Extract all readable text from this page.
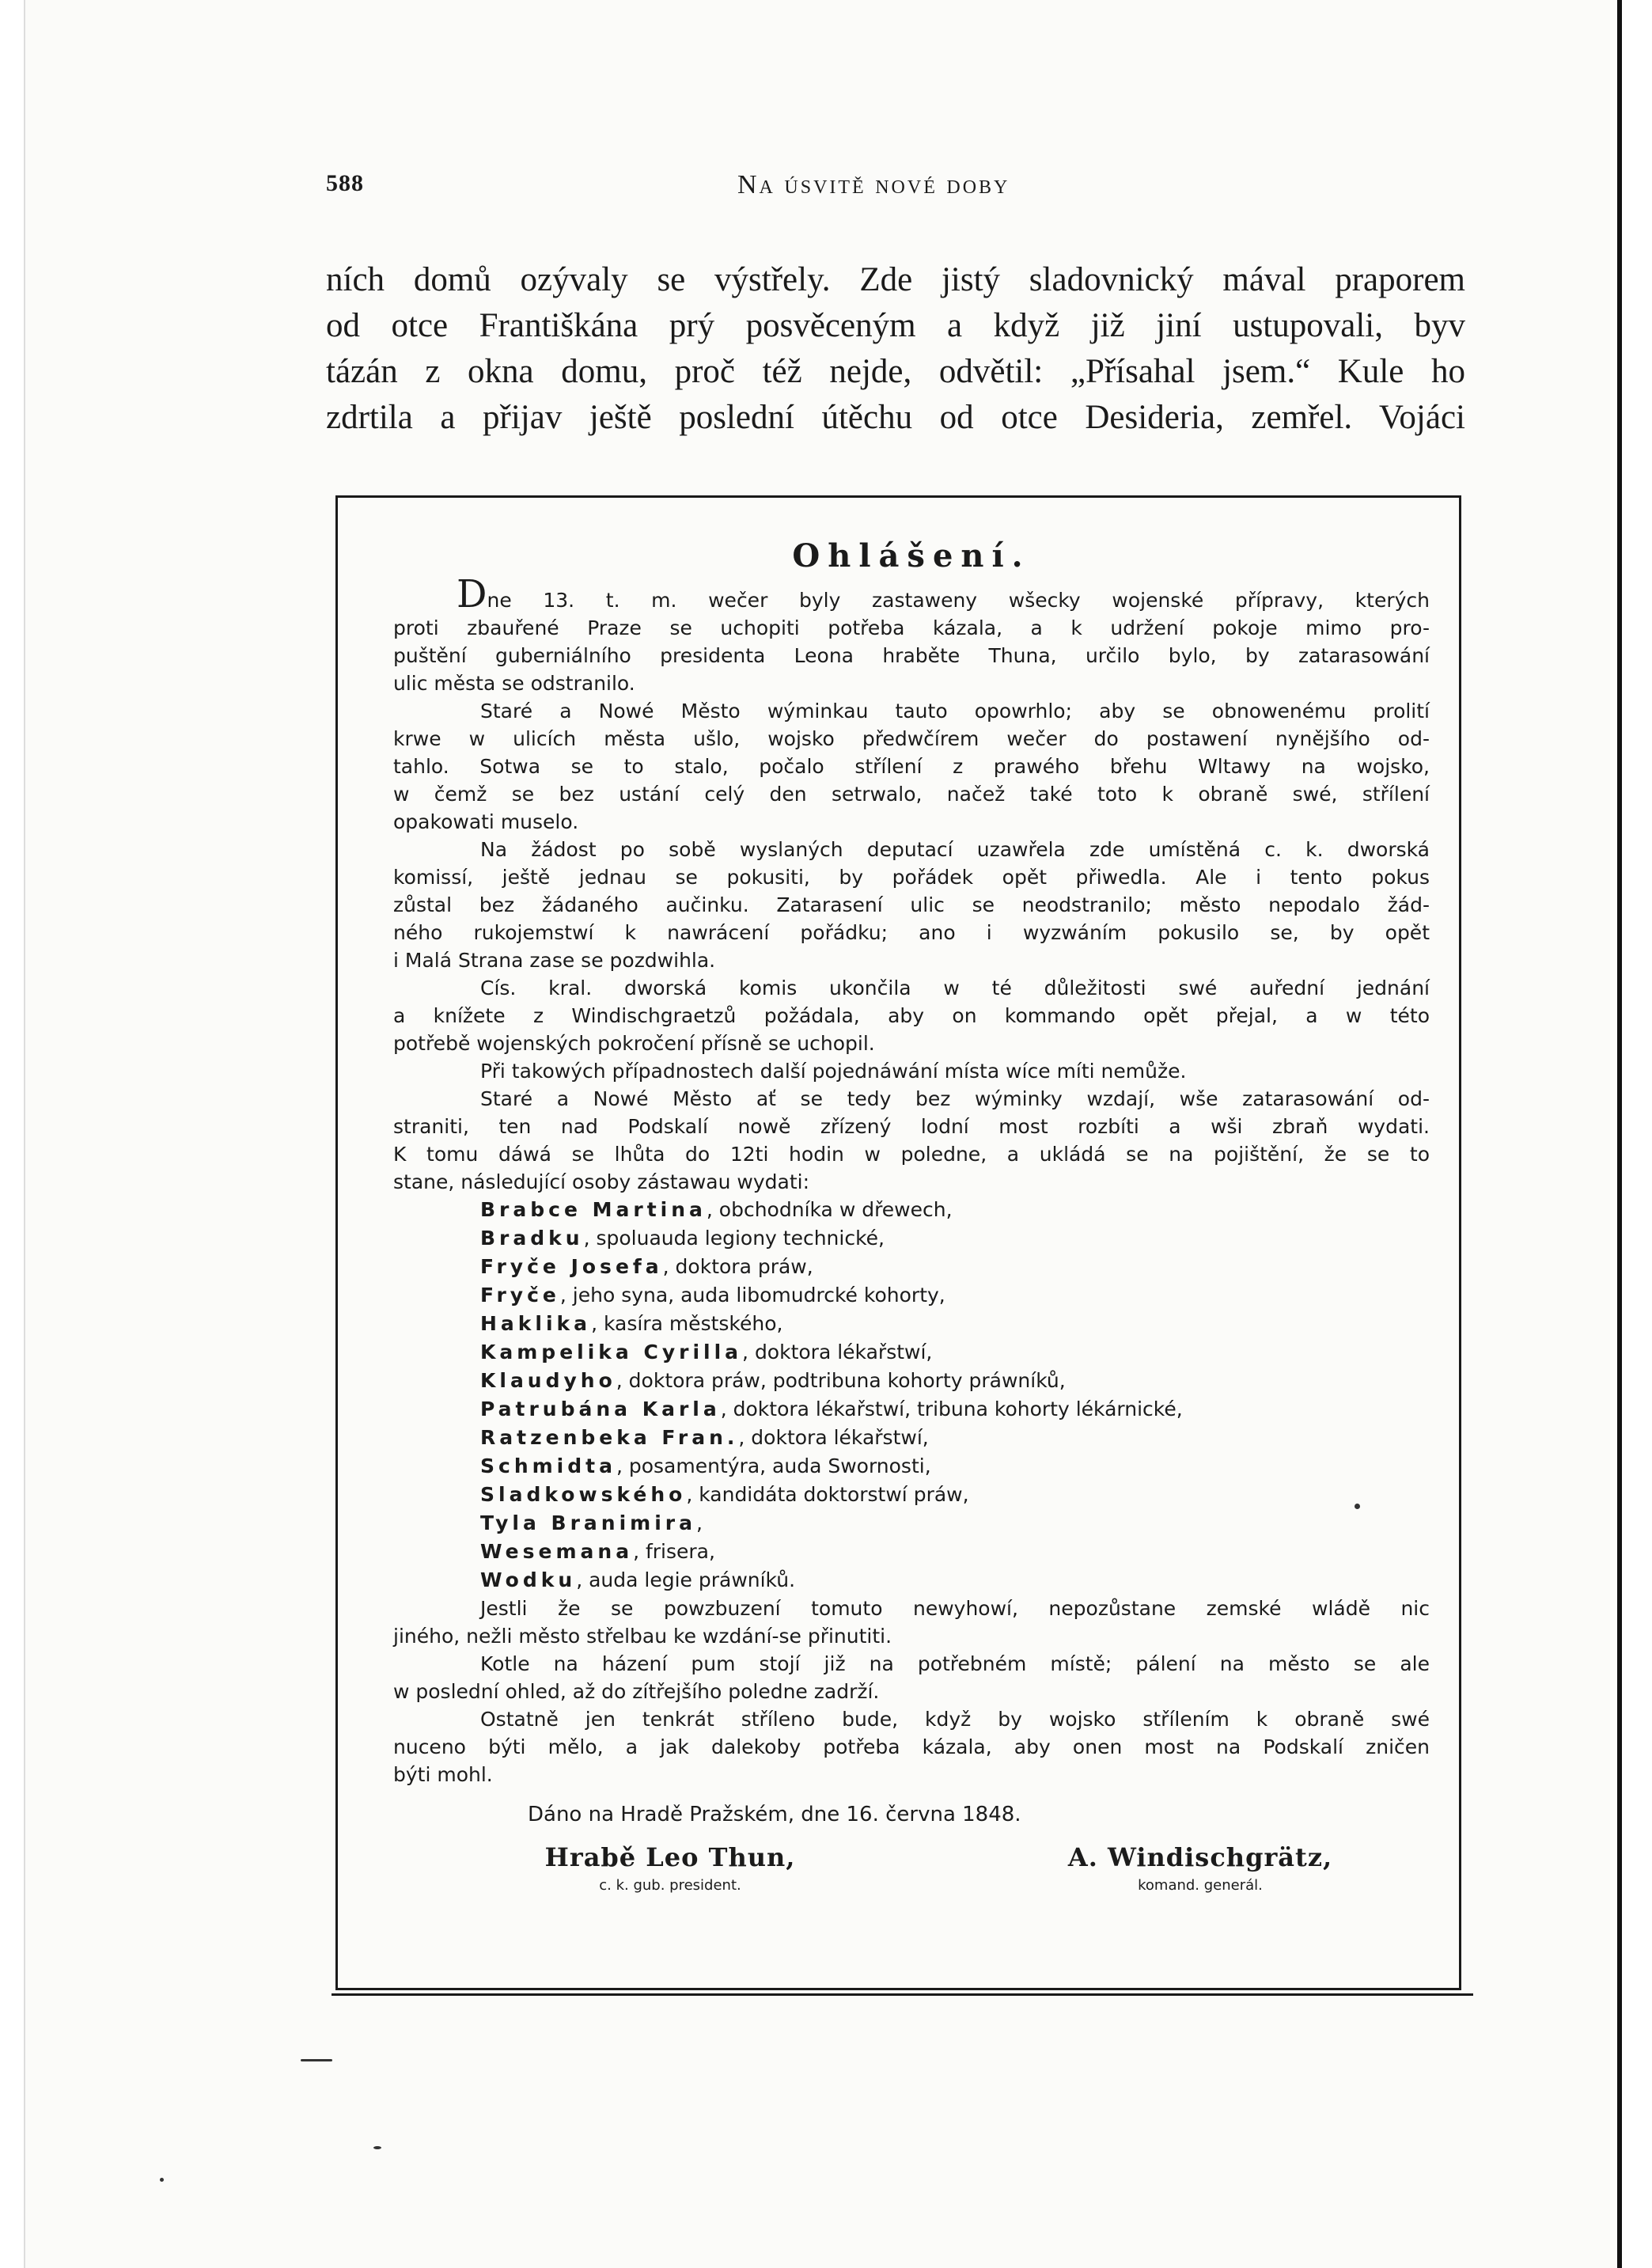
588	Na úsvitě nové doby
ních domů ozývaly se výstřely. Zde jistý sladovnický mával praporem
od otce Františkána prý posvěceným a když již jiní ustupovali, byv
tázán z okna domu, proč též nejde, odvětil: „Přísahal jsem.“ Kule ho
zdrtila a přijav ještě poslední útěchu od otce Desideria, zemřel. Vojáci
Ohlášení.
Dne 13. t. m. wečer byly zastaweny wšecky wojenské přípravy, kterých
proti zbauřené Praze se uchopiti potřeba kázala, a k udržení pokoje mimo pro-
puštění guberniálního presidenta Leona hraběte Thuna, určilo bylo, by zatarasowání
ulic města se odstranilo.
Staré a Nowé Město wýminkau tauto opowrhlo; aby se obnowenému prolití
krwe w ulicích města ušlo, wojsko předwčírem wečer do postawení nynějšího od-
tahlo. Sotwa se to stalo, počalo střílení z prawého břehu Wltawy na wojsko,
w čemž se bez ustání celý den setrwalo, načež také toto k obraně swé, střílení
opakowati muselo.
Na žádost po sobě wyslaných deputací uzawřela zde umístěná c. k. dworská
komissí, ještě jednau se pokusiti, by pořádek opět přiwedla. Ale i tento pokus
zůstal bez žádaného aučinku. Zatarasení ulic se neodstranilo; město nepodalo žád-
ného rukojemstwí k nawrácení pořádku; ano i wyzwáním pokusilo se, by opět
i Malá Strana zase se pozdwihla.
Cís. kral. dworská komis ukončila w té důležitosti swé auřední jednání
a knížete z Windischgraetzů požádala, aby on kommando opět přejal, a w této
potřebě wojenských pokročení přísně se uchopil.
Při takowých případnostech další pojednáwání místa wíce míti nemůže.
Staré a Nowé Město ať se tedy bez wýminky wzdají, wše zatarasowání od-
straniti, ten nad Podskalí nowě zřízený lodní most rozbíti a wši zbraň wydati.
K tomu dáwá se lhůta do 12ti hodin w poledne, a ukládá se na pojištění, že se to
stane, následující osoby zástawau wydati:
Brabce Martina, obchodníka w dřewech,
Bradku, spoluauda legiony technické,
Fryče Josefa, doktora práw,
Fryče, jeho syna, auda libomudrcké kohorty,
Haklika, kasíra městského,
Kampelika Cyrilla, doktora lékařstwí,
Klaudyho, doktora práw, podtribuna kohorty práwníků,
Patrubána Karla, doktora lékařstwí, tribuna kohorty lékárnické,
Ratzenbeka Fran., doktora lékařstwí,
Schmidta, posamentýra, auda Swornosti,
Sladkowského, kandidáta doktorstwí práw,
Tyla Branimira,
Wesemana, frisera,
Wodku, auda legie práwníků.
Jestli že se powzbuzení tomuto newyhowí, nepozůstane zemské wládě nic
jiného, nežli město střelbau ke wzdání-se přinutiti.
Kotle na házení pum stojí již na potřebném místě; pálení na město se ale
w poslední ohled, až do zítřejšího poledne zadrží.
Ostatně jen tenkrát stříleno bude, když by wojsko střílením k obraně swé
nuceno býti mělo, a jak dalekoby potřeba kázala, aby onen most na Podskalí zničen
býti mohl.
Dáno na Hradě Pražském, dne 16. června 1848.
Hrabě Leo Thun,
c. k. gub. president.
A. Windischgrätz,
komand. generál.
